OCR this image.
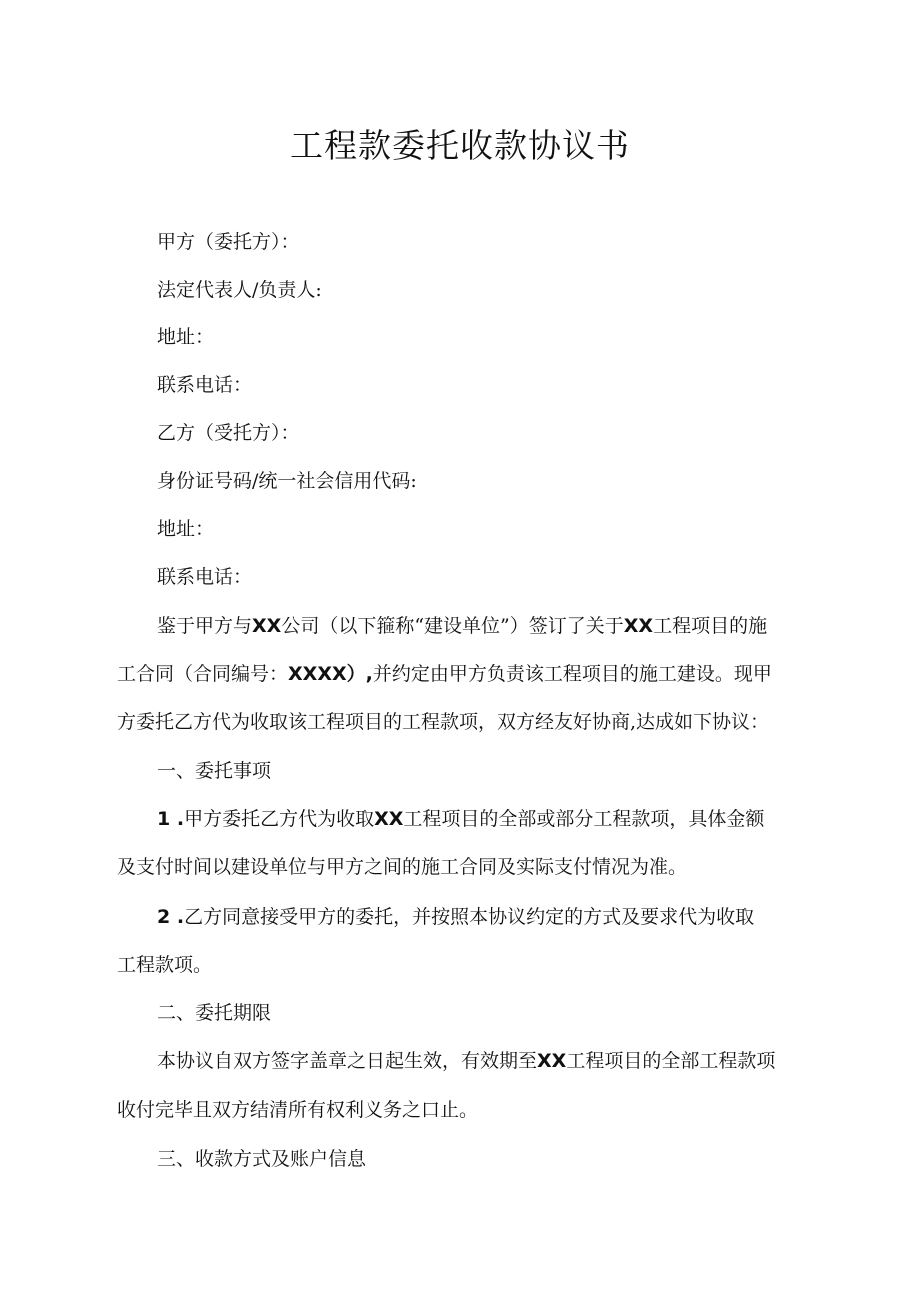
工程款委托收款协议书

甲方（委托方）：

法定代表人/负责人:

地址：

联系电话：

乙方（受托方）：

身份证号码/统一社会信用代码:

地址：

联系电话：

鉴于甲方与XX公司（以下箍称“建设单位”）签订了关于XX工程项目的施

工合同（合同编号：XXXX）,并约定由甲方负责该工程项目的施工建设。现甲

方委托乙方代为收取该工程项目的工程款项，双方经友好协商,达成如下协议：

一、委托事项

1 .甲方委托乙方代为收取XX工程项目的全部或部分工程款项，具体金额

及支付时间以建设单位与甲方之间的施工合同及实际支付情况为准。

2 .乙方同意接受甲方的委托，并按照本协议约定的方式及要求代为收取

工程款项。

二、委托期限

本协议自双方签字盖章之日起生效，有效期至XX工程项目的全部工程款项

收付完毕且双方结清所有权利义务之口止。

三、收款方式及账户信息
